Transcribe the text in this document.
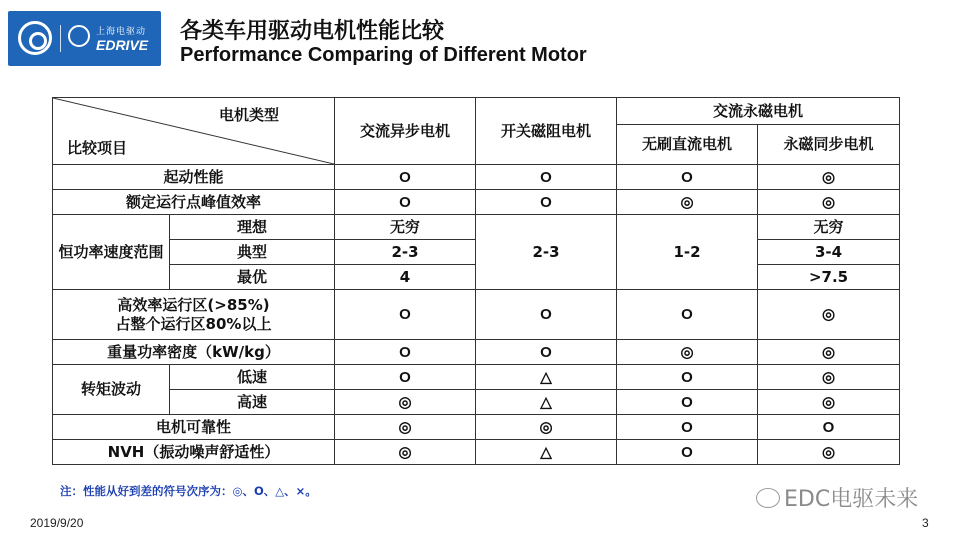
上海电驱动
EDRIVE
各类车用驱动电机性能比较
Performance Comparing of Different Motor
电机类型
比较项目		交流异步电机	开关磁阻电机	交流永磁电机	
				无刷直流电机	永磁同步电机
起动性能		O	O	O	◎
额定运行点峰值效率		O	O	◎	◎
恒功率速度范围	理想	无穷	2-3	1-2	无穷
	典型	2-3			3-4
	最优	4			>7.5

高效率运行区(>85%)
占整个运行区80%以上		O	O	O	◎
重量功率密度（kW/kg）		O	O	◎	◎
转矩波动	低速	O	△	O	◎
	高速	◎	△	O	◎
电机可靠性		◎	◎	O	O
NVH（振动噪声舒适性）		◎	△	O	◎
注：性能从好到差的符号次序为：◎、O、△、×。	EDC电驱未来
2019/9/20	3
